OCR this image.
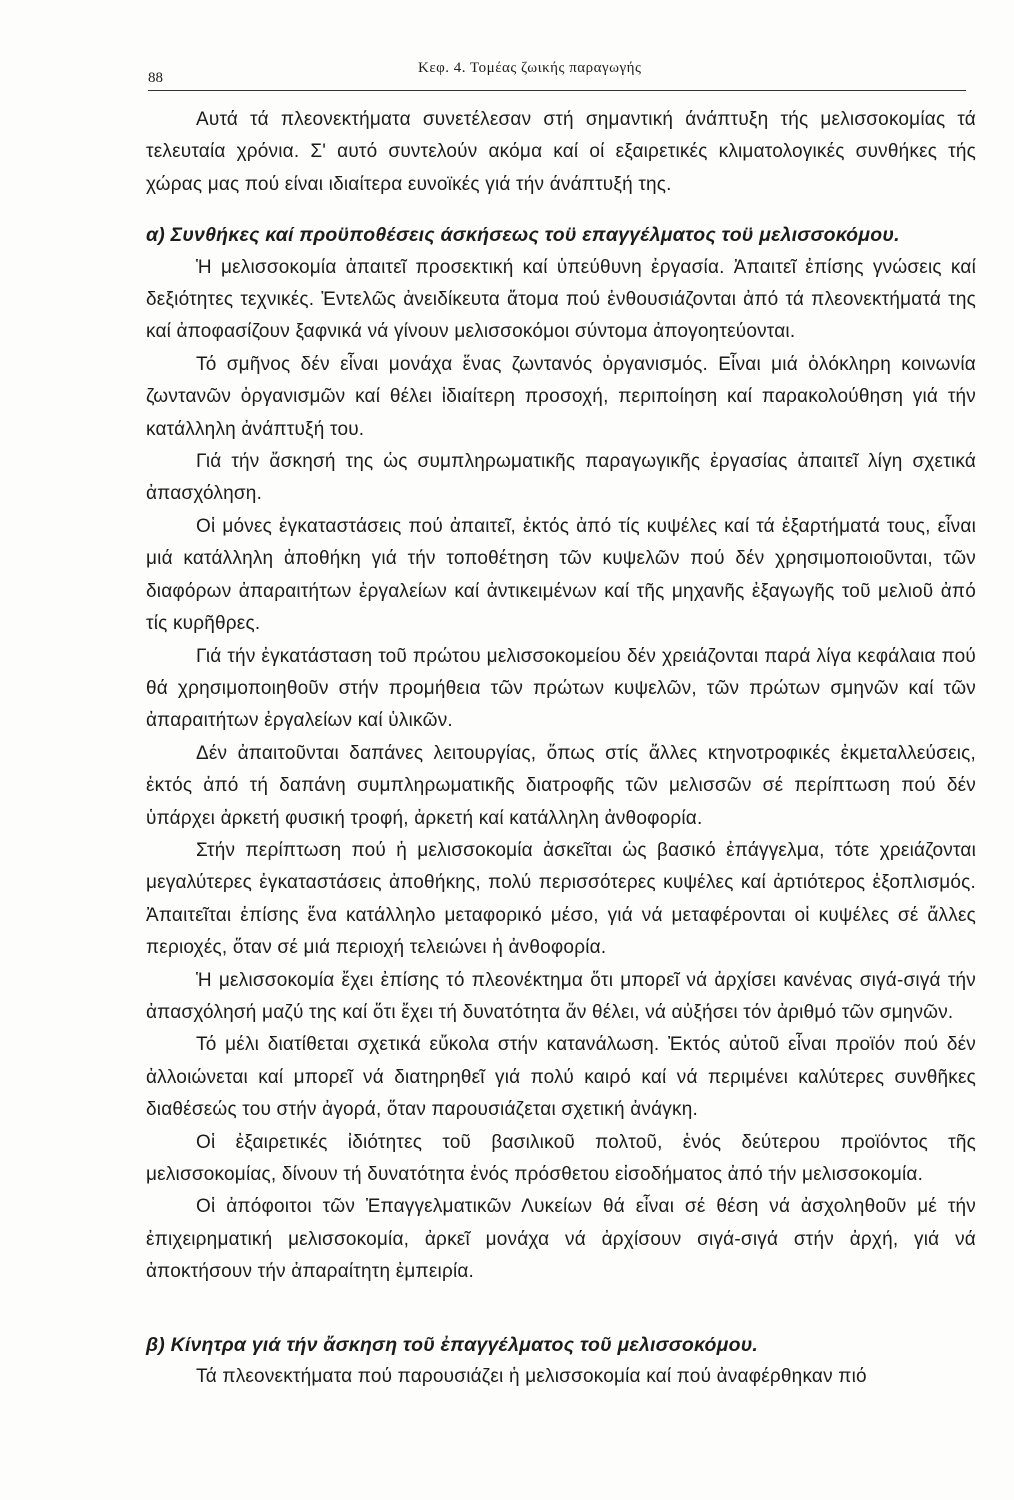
88
Κεφ. 4. Τομέας ζωικής παραγωγής

Αυτά τά πλεονεκτήματα συνετέλεσαν στή σημαντική άνάπτυξη τής μελισσοκομίας τά τελευταία χρόνια. Σ' αυτό συντελούν ακόμα καί οί εξαιρετικές κλιματολογικές συνθήκες τής χώρας μας πού είναι ιδιαίτερα ευνοϊκές γιά τήν άνάπτυξή της.

α) Συνθήκες καί προϋποθέσεις άσκήσεως τοϋ επαγγέλματος τοϋ μελισσοκόμου.

Ἡ μελισσοκομία ἀπαιτεῖ προσεκτική καί ὑπεύθυνη ἐργασία. Ἀπαιτεῖ ἐπίσης γνώσεις καί δεξιότητες τεχνικές. Ἐντελῶς ἀνειδίκευτα ἄτομα πού ἐνθουσιάζονται ἀπό τά πλεονεκτήματά της καί ἀποφασίζουν ξαφνικά νά γίνουν μελισσοκόμοι σύντομα ἀπογοητεύονται.

Τό σμῆνος δέν εἶναι μονάχα ἕνας ζωντανός ὀργανισμός. Εἶναι μιά ὁλόκληρη κοινωνία ζωντανῶν ὀργανισμῶν καί θέλει ἰδιαίτερη προσοχή, περιποίηση καί παρακολούθηση γιά τήν κατάλληλη ἀνάπτυξή του.

Γιά τήν ἄσκησή της ὡς συμπληρωματικῆς παραγωγικῆς ἐργασίας ἀπαιτεῖ λίγη σχετικά ἀπασχόληση.

Οἱ μόνες ἐγκαταστάσεις πού ἀπαιτεῖ, ἐκτός ἀπό τίς κυψέλες καί τά ἐξαρτήματά τους, εἶναι μιά κατάλληλη ἀποθήκη γιά τήν τοποθέτηση τῶν κυψελῶν πού δέν χρησιμοποιοῦνται, τῶν διαφόρων ἀπαραιτήτων ἐργαλείων καί ἀντικειμένων καί τῆς μηχανῆς ἐξαγωγῆς τοῦ μελιοῦ ἀπό τίς κυρῆθρες.

Γιά τήν ἐγκατάσταση τοῦ πρώτου μελισσοκομείου δέν χρειάζονται παρά λίγα κεφάλαια πού θά χρησιμοποιηθοῦν στήν προμήθεια τῶν πρώτων κυψελῶν, τῶν πρώτων σμηνῶν καί τῶν ἀπαραιτήτων ἐργαλείων καί ὑλικῶν.

Δέν ἀπαιτοῦνται δαπάνες λειτουργίας, ὅπως στίς ἄλλες κτηνοτροφικές ἐκμεταλλεύσεις, ἐκτός ἀπό τή δαπάνη συμπληρωματικῆς διατροφῆς τῶν μελισσῶν σέ περίπτωση πού δέν ὑπάρχει ἀρκετή φυσική τροφή, ἀρκετή καί κατάλληλη ἀνθοφορία.

Στήν περίπτωση πού ἡ μελισσοκομία ἀσκεῖται ὡς βασικό ἐπάγγελμα, τότε χρειάζονται μεγαλύτερες ἐγκαταστάσεις ἀποθήκης, πολύ περισσότερες κυψέλες καί ἀρτιότερος ἐξοπλισμός. Ἀπαιτεῖται ἐπίσης ἕνα κατάλληλο μεταφορικό μέσο, γιά νά μεταφέρονται οἱ κυψέλες σέ ἄλλες περιοχές, ὅταν σέ μιά περιοχή τελειώνει ἡ ἀνθοφορία.

Ἡ μελισσοκομία ἔχει ἐπίσης τό πλεονέκτημα ὅτι μπορεῖ νά ἀρχίσει κανένας σιγά-σιγά τήν ἀπασχόλησή μαζύ της καί ὅτι ἔχει τή δυνατότητα ἄν θέλει, νά αὐξήσει τόν ἀριθμό τῶν σμηνῶν.

Τό μέλι διατίθεται σχετικά εὔκολα στήν κατανάλωση. Ἐκτός αὐτοῦ εἶναι προϊόν πού δέν ἀλλοιώνεται καί μπορεῖ νά διατηρηθεῖ γιά πολύ καιρό καί νά περιμένει καλύτερες συνθῆκες διαθέσεώς του στήν ἀγορά, ὅταν παρουσιάζεται σχετική ἀνάγκη.

Οἱ ἐξαιρετικές ἰδιότητες τοῦ βασιλικοῦ πολτοῦ, ἑνός δεύτερου προϊόντος τῆς μελισσοκομίας, δίνουν τή δυνατότητα ἑνός πρόσθετου εἰσοδήματος ἀπό τήν μελισσοκομία.

Οἱ ἀπόφοιτοι τῶν Ἐπαγγελματικῶν Λυκείων θά εἶναι σέ θέση νά ἀσχοληθοῦν μέ τήν ἐπιχειρηματική μελισσοκομία, ἀρκεῖ μονάχα νά ἀρχίσουν σιγά-σιγά στήν ἀρχή, γιά νά ἀποκτήσουν τήν ἀπαραίτητη ἐμπειρία.

β) Κίνητρα γιά τήν ἄσκηση τοῦ ἐπαγγέλματος τοῦ μελισσοκόμου.

Τά πλεονεκτήματα πού παρουσιάζει ἡ μελισσοκομία καί πού ἀναφέρθηκαν πιό
